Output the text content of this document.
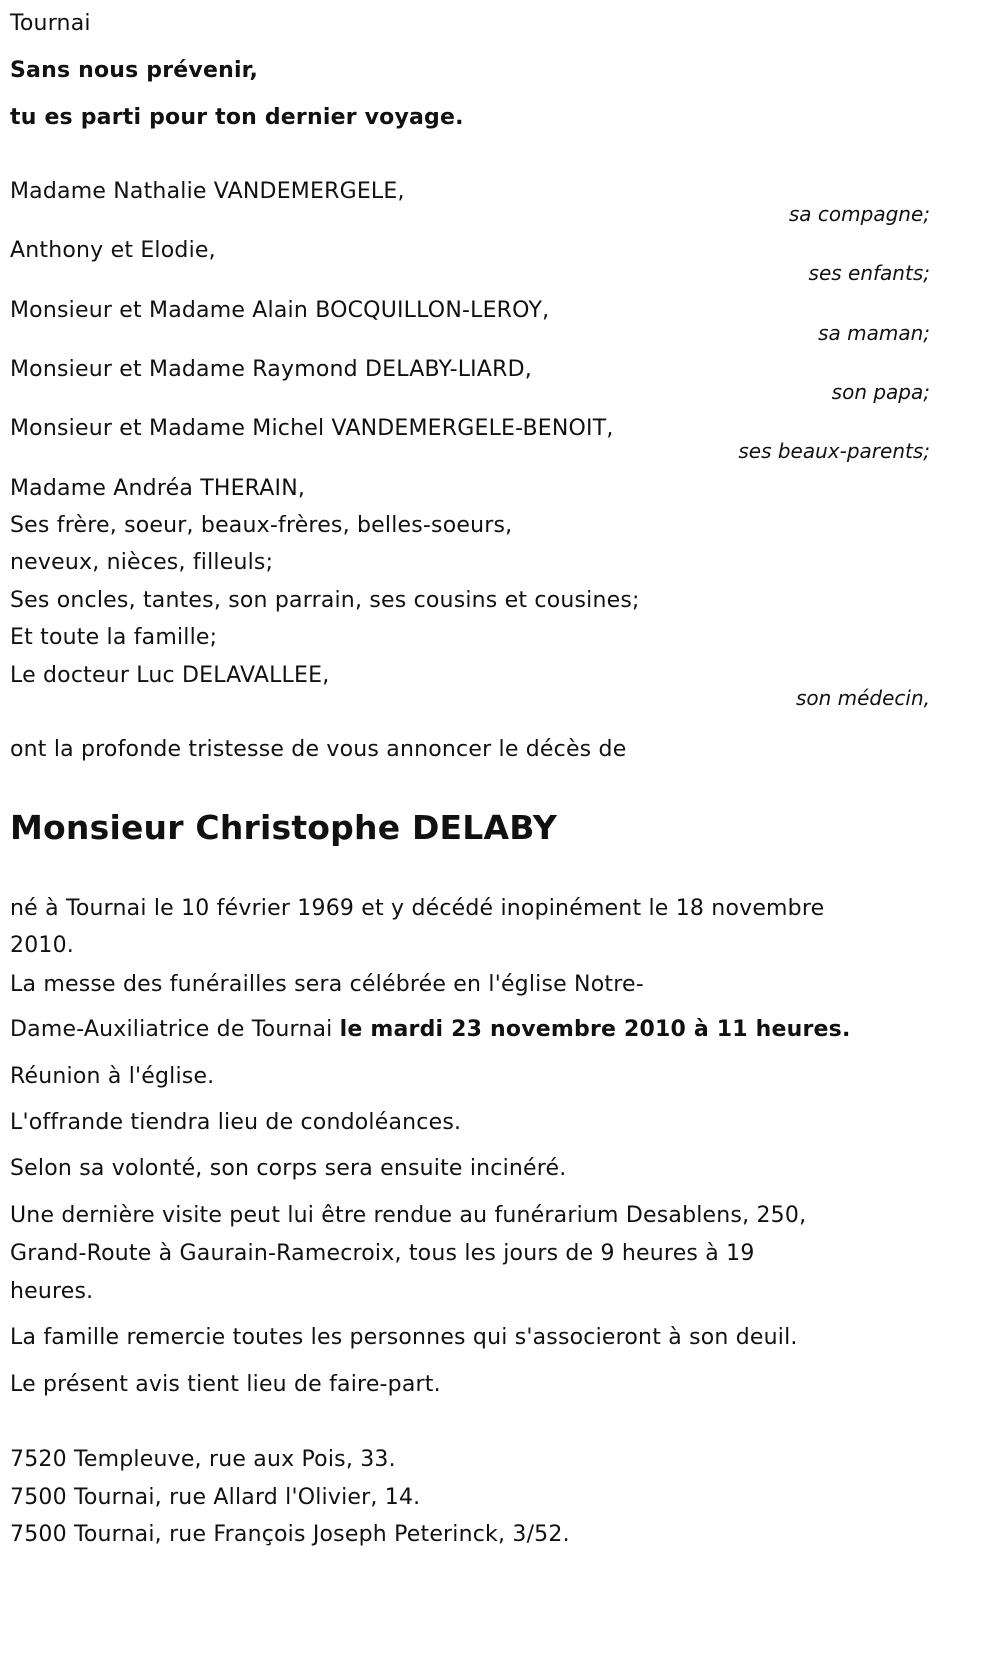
Tournai
Sans nous prévenir,
tu es parti pour ton dernier voyage.
Madame Nathalie VANDEMERGELE,
sa compagne;
Anthony et Elodie,
ses enfants;
Monsieur et Madame Alain BOCQUILLON-LEROY,
sa maman;
Monsieur et Madame Raymond DELABY-LIARD,
son papa;
Monsieur et Madame Michel VANDEMERGELE-BENOIT,
ses beaux-parents;
Madame Andréa THERAIN,
Ses frère, soeur, beaux-frères, belles-soeurs,
neveux, nièces, filleuls;
Ses oncles, tantes, son parrain, ses cousins et cousines;
Et toute la famille;
Le docteur Luc DELAVALLEE,
son médecin,
ont la profonde tristesse de vous annoncer le décès de
Monsieur Christophe DELABY
né à Tournai le 10 février 1969 et y décédé inopinément le 18 novembre
2010.
La messe des funérailles sera célébrée en l'église Notre-
Dame-Auxiliatrice de Tournai le mardi 23 novembre 2010 à 11 heures.
Réunion à l'église.
L'offrande tiendra lieu de condoléances.
Selon sa volonté, son corps sera ensuite incinéré.
Une dernière visite peut lui être rendue au funérarium Desablens, 250,
Grand-Route à Gaurain-Ramecroix, tous les jours de 9 heures à 19
heures.
La famille remercie toutes les personnes qui s'associeront à son deuil.
Le présent avis tient lieu de faire-part.
7520 Templeuve, rue aux Pois, 33.
7500 Tournai, rue Allard l'Olivier, 14.
7500 Tournai, rue François Joseph Peterinck, 3/52.
